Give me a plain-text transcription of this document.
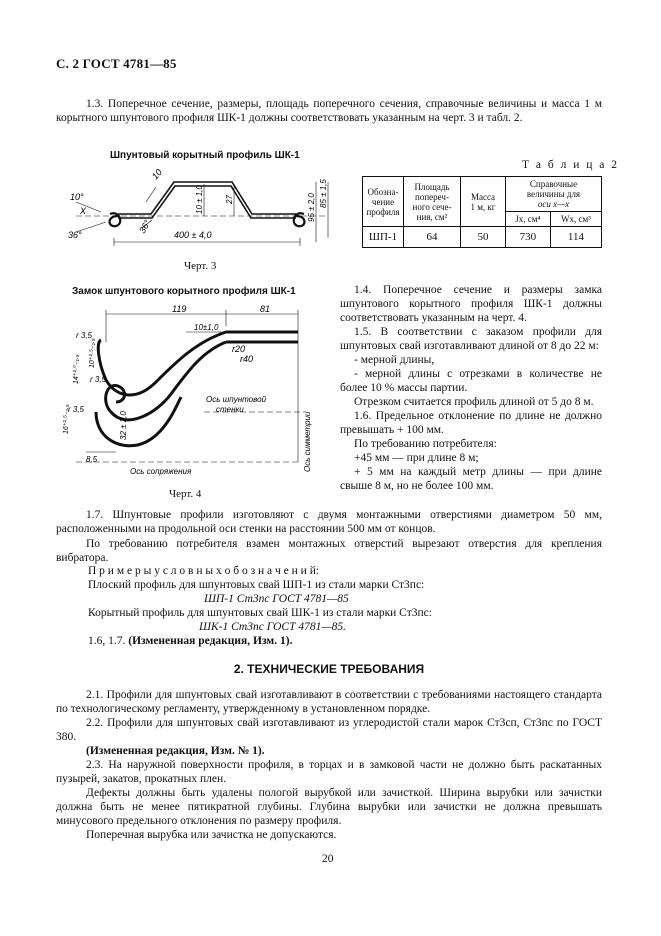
С. 2 ГОСТ 4781—85
1.3. Поперечное сечение, размеры, площадь поперечного сечения, справочные величины и масса 1 м корытного шпунтового профиля ШК-1 должны соответствовать указанным на черт. 3 и табл. 2.
Шпунтовый корытный профиль ШК-1
10
10°
X
36°	36° 400 ± 4,0
10 ± 1,0	27	95 ± 2,0 85 ± 1,5
Черт. 3
Т а б л и ц а 2
Обозна-
чение
профиля	Площадь
попереч-
ного сече-
ния, см²	Масса
1 м, кг	Справочные
величины для
оси x—x	
			Jx, см⁴	Wx, см³
ШП-1	64	50	730	114
Замок шпунтового корытного профиля ШК-1
119	81
10±1,0
r20
r40
r 3,5
r 3,5
r 3,5
10⁺²·⁵₋₁.₅
14⁺²·⁰₋₁.₅
16⁺²·⁵₋₁.₅	32 ± 2,0
8,5
Ось шпунтовой
стенки
Ось сопряжения	Ось симметрии
Черт. 4
1.4. Поперечное сечение и размеры замка шпунтового корытного профиля ШК-1 должны соответствовать указанным на черт. 4.
1.5. В соответствии с заказом профили для шпунтовых свай изготавливают длиной от 8 до 22 м:
- мерной длины,
- мерной длины с отрезками в количестве не более 10 % массы партии.
Отрезком считается профиль длиной от 5 до 8 м.
1.6. Предельное отклонение по длине не должно превышать + 100 мм.
По требованию потребителя:
+45 мм — при длине 8 м;
+ 5 мм на каждый метр длины — при длине свыше 8 м, но не более 100 мм.
1.7. Шпунтовые профили изготовляют с двумя монтажными отверстиями диаметром 50 мм, расположенными на продольной оси стенки на расстоянии 500 мм от концов.
По требованию потребителя взамен монтажных отверстий вырезают отверстия для крепления вибратора.
П р и м е р ы у с л о в н ы х о б о з н а ч е н и й:
Плоский профиль для шпунтовых свай ШП-1 из стали марки Ст3пс:
ШП-1 Ст3пс ГОСТ 4781—85
Корытный профиль для шпунтовых свай ШК-1 из стали марки Ст3пс:
ШК-1 Ст3пс ГОСТ 4781—85.
1.6, 1.7. (Измененная редакция, Изм. 1).
2. ТЕХНИЧЕСКИЕ ТРЕБОВАНИЯ
2.1. Профили для шпунтовых свай изготавливают в соответствии с требованиями настоящего стандарта по технологическому регламенту, утвержденному в установленном порядке.
2.2. Профили для шпунтовых свай изготавливают из углеродистой стали марок Ст3сп, Ст3пс по ГОСТ 380.
(Измененная редакция, Изм. № 1).
2.3. На наружной поверхности профиля, в торцах и в замковой части не должно быть раскатанных пузырей, закатов, прокатных плен.
Дефекты должны быть удалены пологой вырубкой или зачисткой. Ширина вырубки или зачистки должна быть не менее пятикратной глубины. Глубина вырубки или зачистки не должна превышать минусового предельного отклонения по размеру профиля.
Поперечная вырубка или зачистка не допускаются.
20
